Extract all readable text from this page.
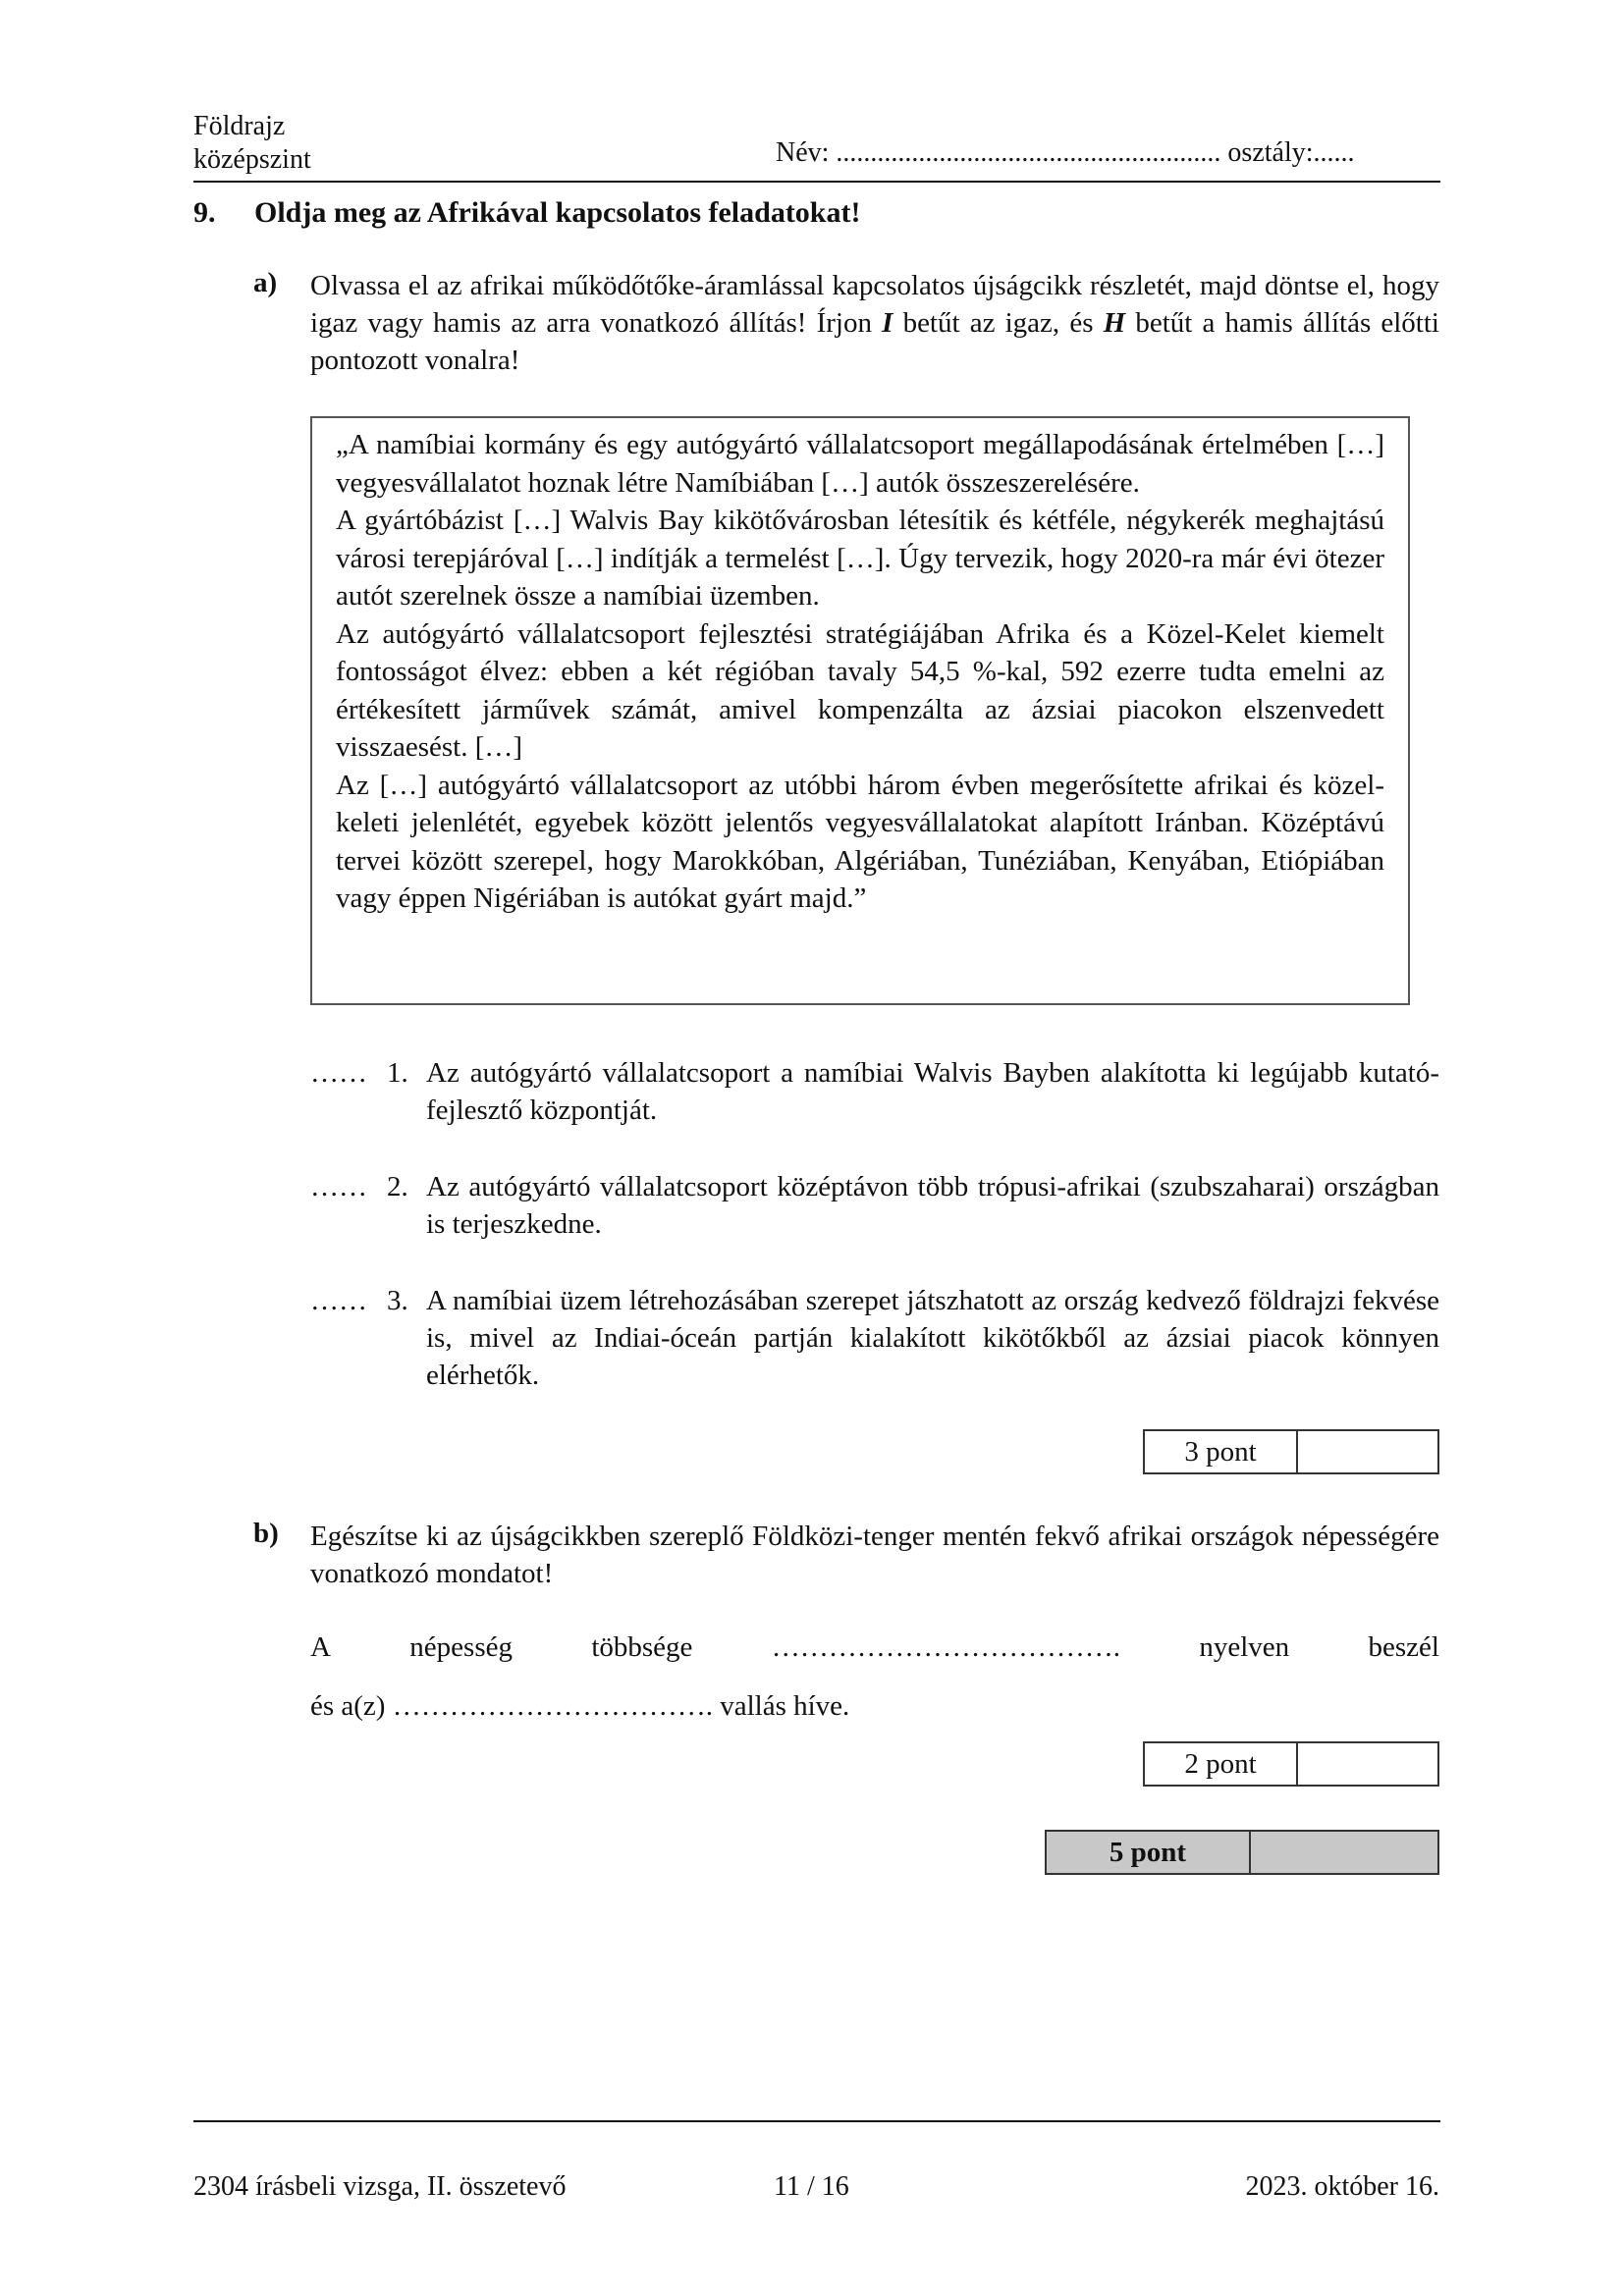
Földrajz
középszint	Név: ........................................................ osztály:......
9. Oldja meg az Afrikával kapcsolatos feladatokat!
a) Olvassa el az afrikai működőtőke-áramlással kapcsolatos újságcikk részletét, majd döntse el, hogy igaz vagy hamis az arra vonatkozó állítás! Írjon I betűt az igaz, és H betűt a hamis állítás előtti pontozott vonalra!

„A namíbiai kormány és egy autógyártó vállalatcsoport megállapodásának értelmében […] vegyesvállalatot hoznak létre Namíbiában […] autók összeszerelésére.

A gyártóbázist […] Walvis Bay kikötővárosban létesítik és kétféle, négykerék meghajtású városi terepjáróval […] indítják a termelést […]. Úgy tervezik, hogy 2020-ra már évi ötezer autót szerelnek össze a namíbiai üzemben.

Az autógyártó vállalatcsoport fejlesztési stratégiájában Afrika és a Közel-Kelet kiemelt fontosságot élvez: ebben a két régióban tavaly 54,5 %-kal, 592 ezerre tudta emelni az értékesített járművek számát, amivel kompenzálta az ázsiai piacokon elszenvedett visszaesést. […]

Az […] autógyártó vállalatcsoport az utóbbi három évben megerősítette afrikai és közel-keleti jelenlétét, egyebek között jelentős vegyesvállalatokat alapított Iránban. Középtávú tervei között szerepel, hogy Marokkóban, Algériában, Tunéziában, Kenyában, Etiópiában vagy éppen Nigériában is autókat gyárt majd.”

…… 1. Az autógyártó vállalatcsoport a namíbiai Walvis Bayben alakította ki legújabb kutató-fejlesztő központját.
…… 2. Az autógyártó vállalatcsoport középtávon több trópusi-afrikai (szubszaharai) országban is terjeszkedne.
…… 3. A namíbiai üzem létrehozásában szerepet játszhatott az ország kedvező földrajzi fekvése is, mivel az Indiai-óceán partján kialakított kikötőkből az ázsiai piacok könnyen elérhetők.
3 pont
b) Egészítse ki az újságcikkben szereplő Földközi-tenger mentén fekvő afrikai országok népességére vonatkozó mondatot!
A	népesség	többsége	……………………………….	nyelven	beszél
és a(z) ……………………………. vallás híve.
2 pont
5 pont
2304 írásbeli vizsga, II. összetevő	11 / 16	2023. október 16.
